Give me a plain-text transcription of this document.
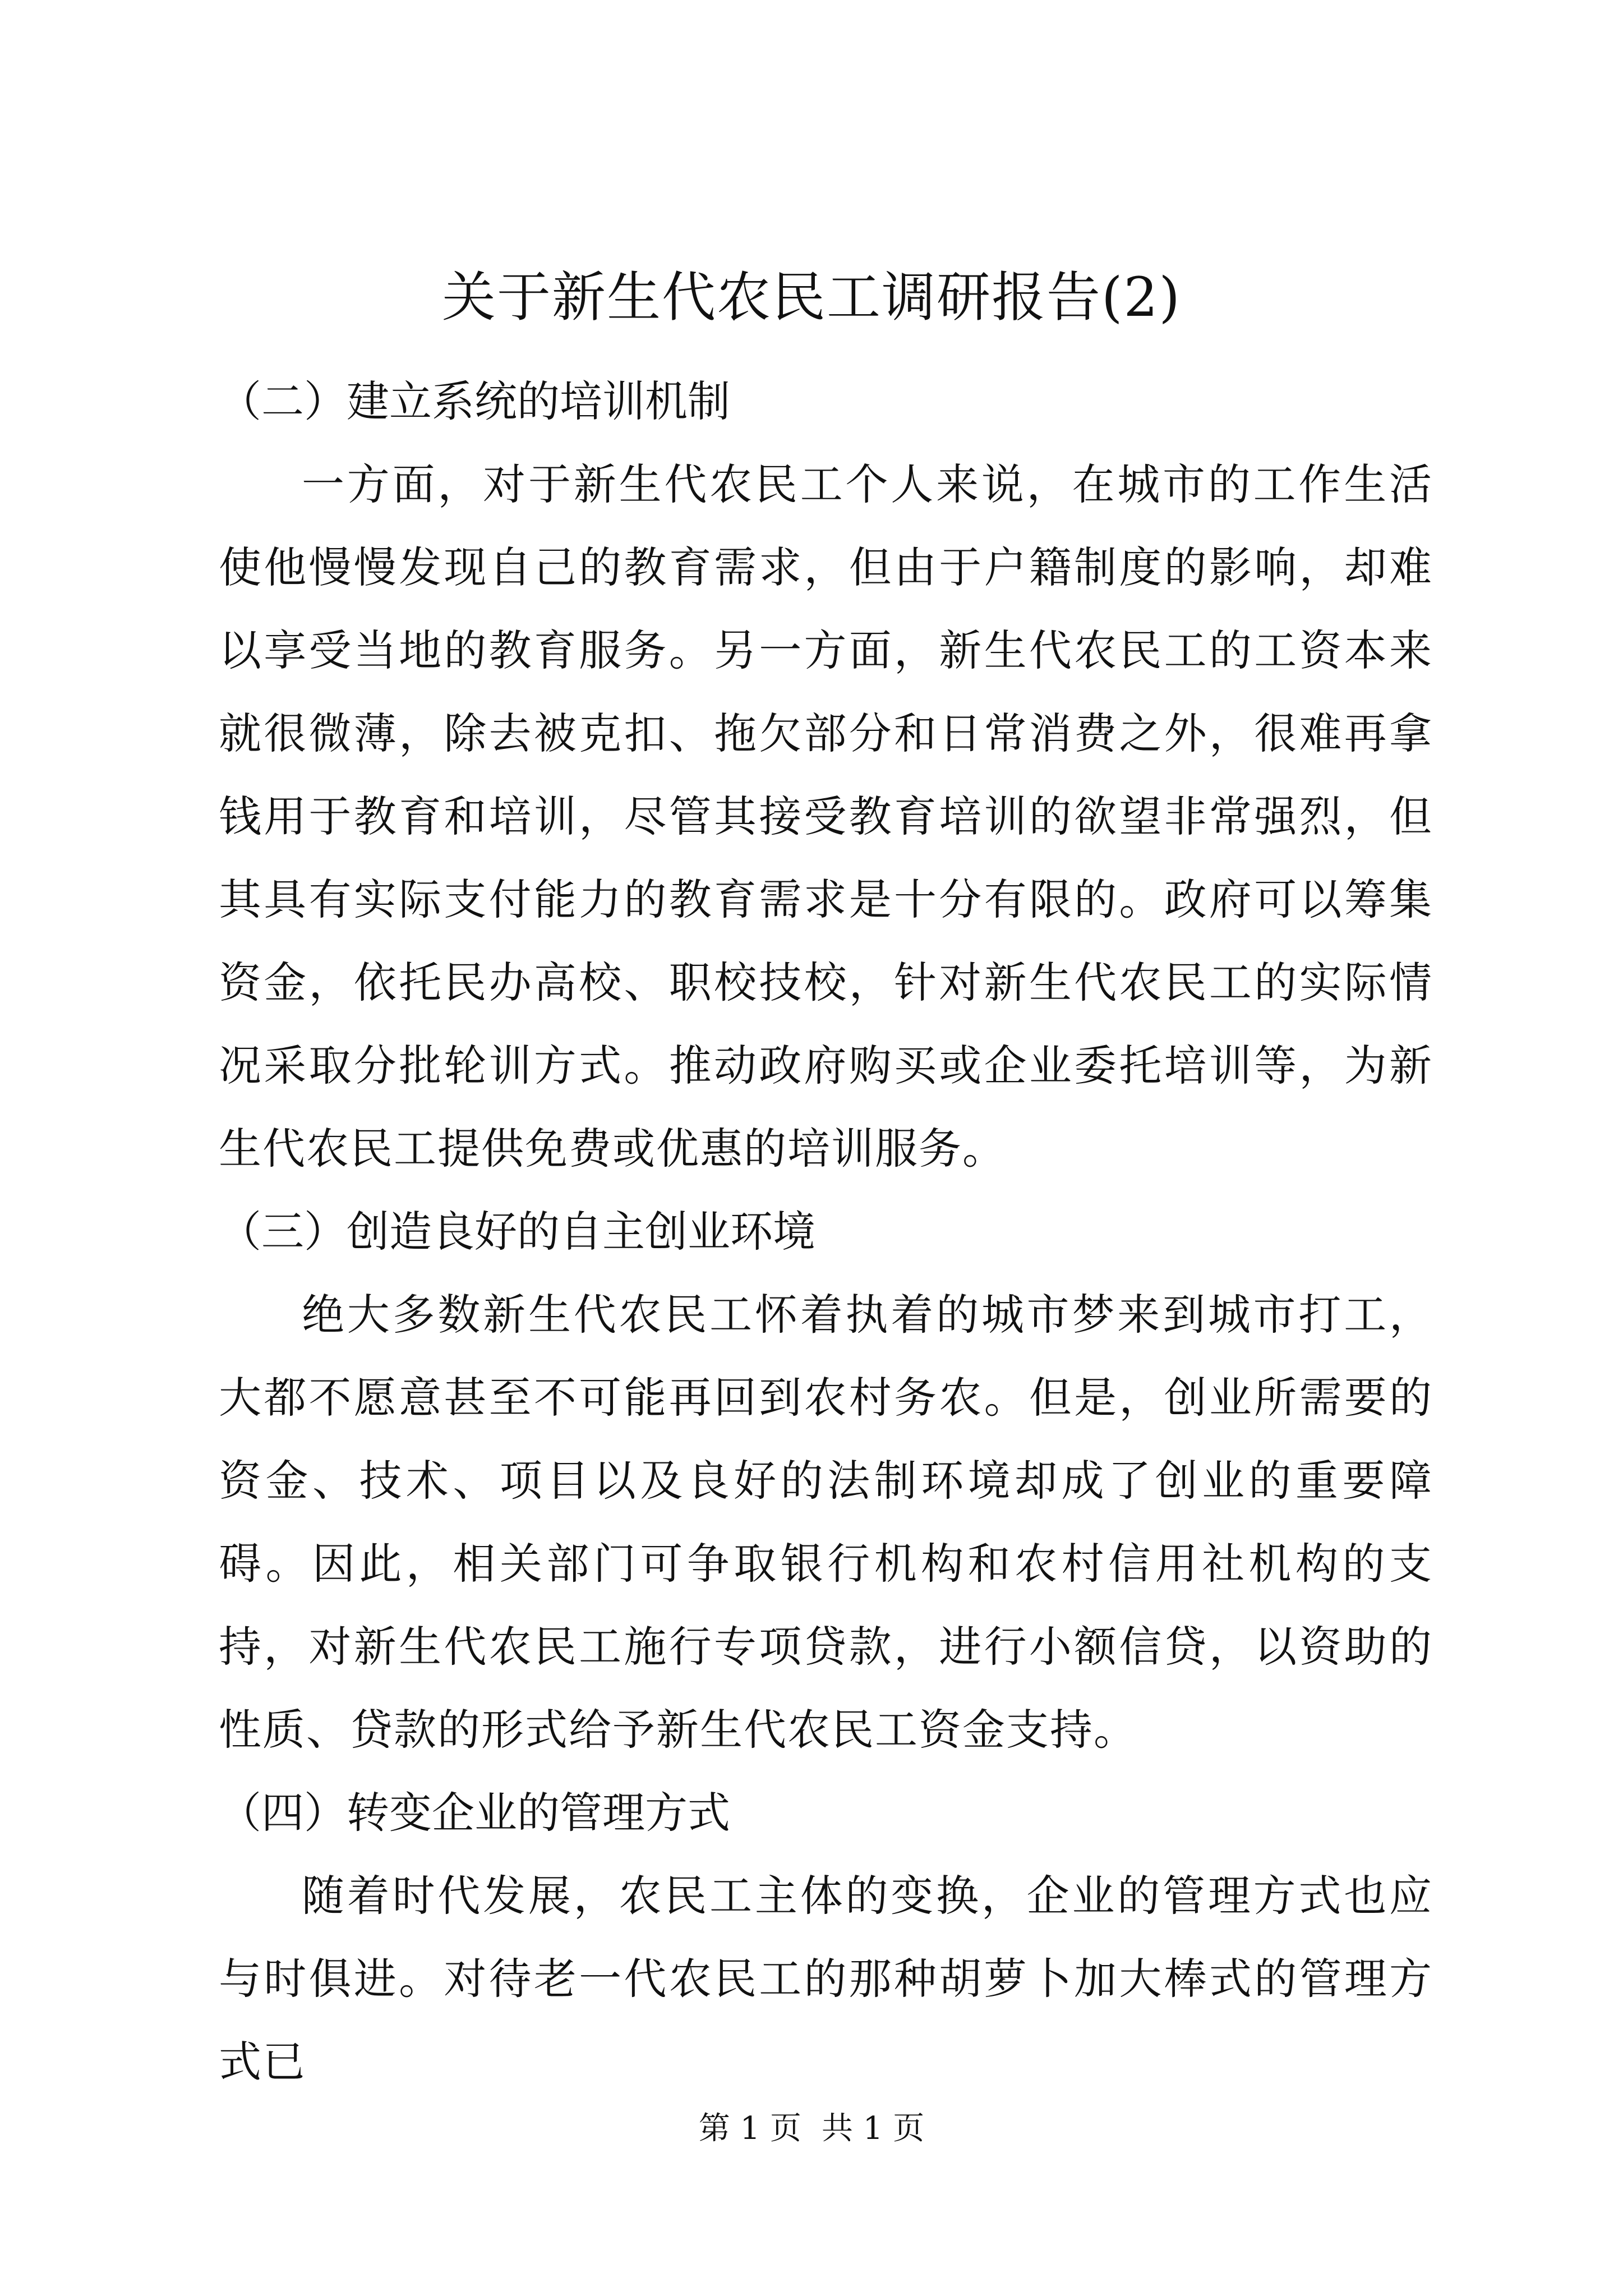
关于新生代农民工调研报告(2)

（二）建立系统的培训机制

一方面，对于新生代农民工个人来说，在城市的工作生活使他慢慢发现自己的教育需求，但由于户籍制度的影响，却难以享受当地的教育服务。另一方面，新生代农民工的工资本来就很微薄，除去被克扣、拖欠部分和日常消费之外，很难再拿钱用于教育和培训，尽管其接受教育培训的欲望非常强烈，但其具有实际支付能力的教育需求是十分有限的。政府可以筹集资金，依托民办高校、职校技校，针对新生代农民工的实际情况采取分批轮训方式。推动政府购买或企业委托培训等，为新生代农民工提供免费或优惠的培训服务。

（三）创造良好的自主创业环境

绝大多数新生代农民工怀着执着的城市梦来到城市打工，大都不愿意甚至不可能再回到农村务农。但是，创业所需要的资金、技术、项目以及良好的法制环境却成了创业的重要障碍。因此，相关部门可争取银行机构和农村信用社机构的支持，对新生代农民工施行专项贷款，进行小额信贷，以资助的性质、贷款的形式给予新生代农民工资金支持。

（四）转变企业的管理方式

随着时代发展，农民工主体的变换，企业的管理方式也应与时俱进。对待老一代农民工的那种胡萝卜加大棒式的管理方式已

第 1 页 共 1 页
